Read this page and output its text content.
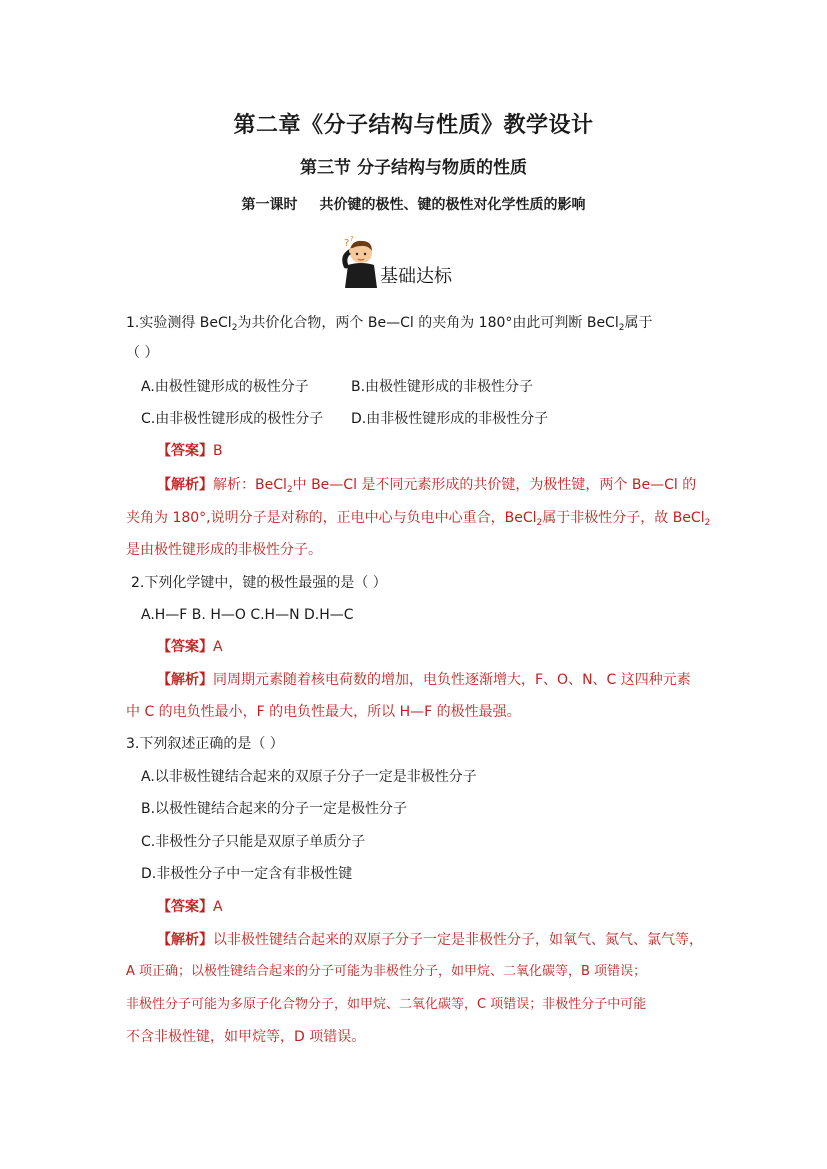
第二章《分子结构与性质》教学设计
第三节 分子结构与物质的性质
第一课时 共价键的极性、键的极性对化学性质的影响
? ?
基础达标
1.实验测得 BeCl$_2$为共价化合物，两个 Be—Cl 的夹角为 180°由此可判断 BeCl$_2$属于
（ ）
A.由极性键形成的极性分子	B.由极性键形成的非极性分子
C.由非极性键形成的极性分子 D.由非极性键形成的非极性分子
【答案】B
【解析】解析：BeCl$_2$中 Be—Cl 是不同元素形成的共价键，为极性键，两个 Be—Cl 的
夹角为 180°,说明分子是对称的，正电中心与负电中心重合，BeCl$_2$属于非极性分子，故 BeCl$_2$
是由极性键形成的非极性分子。
2.下列化学键中，键的极性最强的是（ ）
A.H—F B. H—O C.H—N D.H—C
【答案】A
【解析】同周期元素随着核电荷数的增加，电负性逐渐增大，F、O、N、C 这四种元素
中 C 的电负性最小，F 的电负性最大，所以 H—F 的极性最强。
3.下列叙述正确的是（ ）
A.以非极性键结合起来的双原子分子一定是非极性分子
B.以极性键结合起来的分子一定是极性分子
C.非极性分子只能是双原子单质分子
D.非极性分子中一定含有非极性键
【答案】A
【解析】以非极性键结合起来的双原子分子一定是非极性分子，如氧气、氮气、氯气等，
A 项正确；以极性键结合起来的分子可能为非极性分子，如甲烷、二氧化碳等，B 项错误；
非极性分子可能为多原子化合物分子，如甲烷、二氧化碳等，C 项错误；非极性分子中可能
不含非极性键，如甲烷等，D 项错误。
